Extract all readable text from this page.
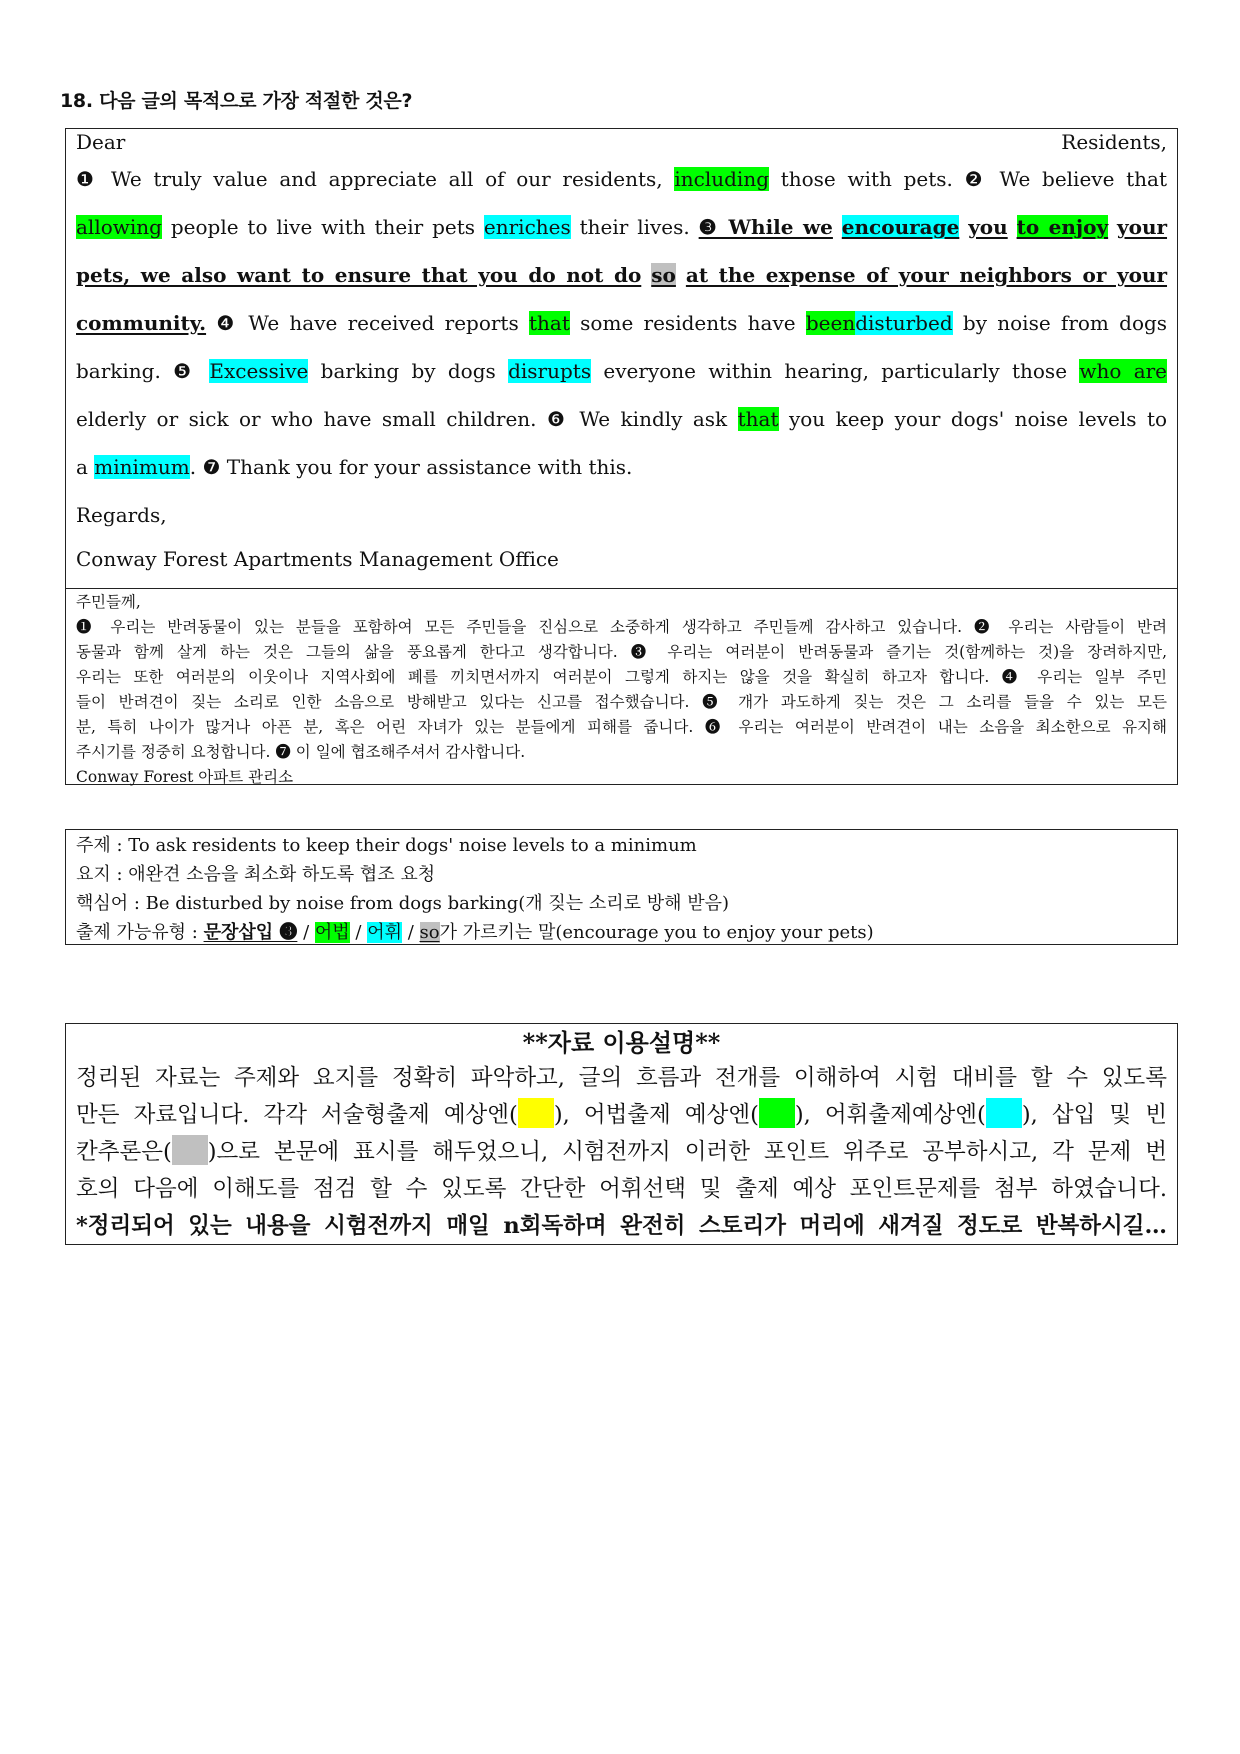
18. 다음 글의 목적으로 가장 적절한 것은?
Dear Residents,
❶ We truly value and appreciate all of our residents, including those with pets. ❷ We believe that
allowing people to live with their pets enriches their lives. ❸ While we encourage you to enjoy your
pets, we also want to ensure that you do not do so at the expense of your neighbors or your
community. ❹ We have received reports that some residents have beendisturbed by noise from dogs
barking. ❺ Excessive barking by dogs disrupts everyone within hearing, particularly those who are
elderly or sick or who have small children. ❻ We kindly ask that you keep your dogs' noise levels to
a minimum. ❼ Thank you for your assistance with this.
Regards,
Conway Forest Apartments Management Office
주민들께,
❶ 우리는 반려동물이 있는 분들을 포함하여 모든 주민들을 진심으로 소중하게 생각하고 주민들께 감사하고 있습니다. ❷ 우리는 사람들이 반려
동물과 함께 살게 하는 것은 그들의 삶을 풍요롭게 한다고 생각합니다. ❸ 우리는 여러분이 반려동물과 즐기는 것(함께하는 것)을 장려하지만,
우리는 또한 여러분의 이웃이나 지역사회에 폐를 끼치면서까지 여러분이 그렇게 하지는 않을 것을 확실히 하고자 합니다. ❹ 우리는 일부 주민
들이 반려견이 짖는 소리로 인한 소음으로 방해받고 있다는 신고를 접수했습니다. ❺ 개가 과도하게 짖는 것은 그 소리를 들을 수 있는 모든
분, 특히 나이가 많거나 아픈 분, 혹은 어린 자녀가 있는 분들에게 피해를 줍니다. ❻ 우리는 여러분이 반려견이 내는 소음을 최소한으로 유지해
주시기를 정중히 요청합니다. ❼ 이 일에 협조해주셔서 감사합니다.
Conway Forest 아파트 관리소
주제 : To ask residents to keep their dogs' noise levels to a minimum
요지 : 애완견 소음을 최소화 하도록 협조 요청
핵심어 : Be disturbed by noise from dogs barking(개 짖는 소리로 방해 받음)
출제 가능유형 : 문장삽입 ❸ / 어법 / 어휘 / so가 가르키는 말(encourage you to enjoy your pets)
**자료 이용설명**
정리된 자료는 주제와 요지를 정확히 파악하고, 글의 흐름과 전개를 이해하여 시험 대비를 할 수 있도록
만든 자료입니다. 각각 서술형출제 예상엔( ), 어법출제 예상엔( ), 어휘출제예상엔( ), 삽입 및 빈
칸추론은( )으로 본문에 표시를 해두었으니, 시험전까지 이러한 포인트 위주로 공부하시고, 각 문제 번
호의 다음에 이해도를 점검 할 수 있도록 간단한 어휘선택 및 출제 예상 포인트문제를 첨부 하였습니다.
*정리되어 있는 내용을 시험전까지 매일 n회독하며 완전히 스토리가 머리에 새겨질 정도로 반복하시길…
